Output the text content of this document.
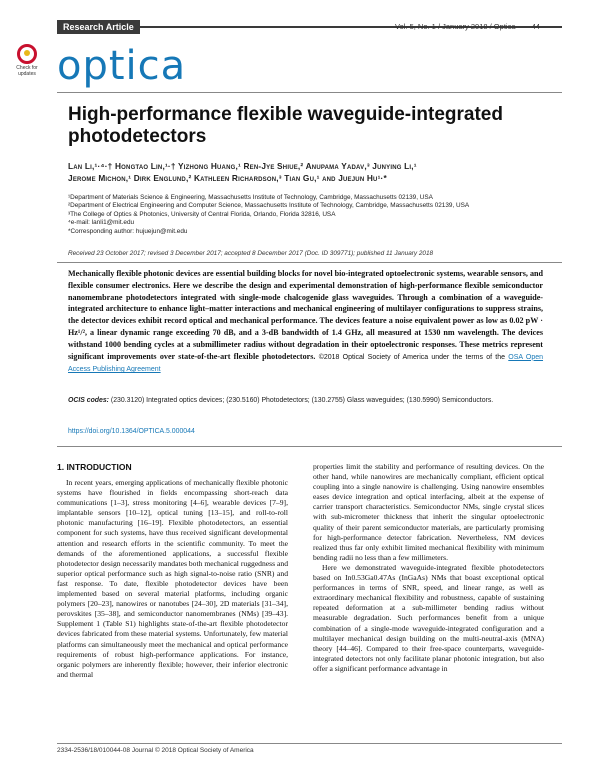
Research Article	Vol. 5, No. 1 / January 2018 / Optica 44
Check for updates optica
High-performance flexible waveguide-integrated photodetectors
Lan Li,¹·⁴·† Hongtao Lin,¹·† Yizhong Huang,¹ Ren-Jye Shiue,² Anupama Yadav,³ Junying Li,¹
Jerome Michon,¹ Dirk Englund,² Kathleen Richardson,³ Tian Gu,¹ and Juejun Hu¹·*
¹Department of Materials Science & Engineering, Massachusetts Institute of Technology, Cambridge, Massachusetts 02139, USA
²Department of Electrical Engineering and Computer Science, Massachusetts Institute of Technology, Cambridge, Massachusetts 02139, USA
³The College of Optics & Photonics, University of Central Florida, Orlando, Florida 32816, USA
⁴e-mail: lanli1@mit.edu
*Corresponding author: hujuejun@mit.edu
Received 23 October 2017; revised 3 December 2017; accepted 8 December 2017 (Doc. ID 309771); published 11 January 2018
Mechanically flexible photonic devices are essential building blocks for novel bio-integrated optoelectronic systems, wearable sensors, and flexible consumer electronics. Here we describe the design and experimental demonstration of high-performance flexible semiconductor nanomembrane photodetectors integrated with single-mode chalcogenide glass waveguides. Through a combination of a waveguide-integrated architecture to enhance light–matter interactions and mechanical engineering of multilayer configurations to suppress strains, the detector devices exhibit record optical and mechanical performance. The devices feature a noise equivalent power as low as 0.02 pW · Hz¹/², a linear dynamic range exceeding 70 dB, and a 3-dB bandwidth of 1.4 GHz, all measured at 1530 nm wavelength. The devices withstand 1000 bending cycles at a submillimeter radius without degradation in their optoelectronic responses. These metrics represent significant improvements over state-of-the-art flexible photodetectors. ©2018 Optical Society of America under the terms of the OSA Open Access Publishing Agreement
OCIS codes: (230.3120) Integrated optics devices; (230.5160) Photodetectors; (130.2755) Glass waveguides; (130.5990) Semiconductors.
https://doi.org/10.1364/OPTICA.5.000044
1. INTRODUCTION

In recent years, emerging applications of mechanically flexible photonic systems have flourished in fields encompassing short-reach data communications [1–3], stress monitoring [4–6], wearable devices [7–9], implantable sensors [10–12], optical tuning [13–15], and roll-to-roll photonic manufacturing [16–19]. Flexible photodetectors, an essential component for such systems, have thus received significant developmental attention and research efforts in the scientific community. To meet the demands of the aforementioned applications, a successful flexible photodetector design necessarily mandates both mechanical ruggedness and superior optical performance such as high signal-to-noise ratio (SNR) and fast response. To date, flexible photodetector devices have been implemented based on several material platforms, including organic polymers [20–23], nanowires or nanotubes [24–30], 2D materials [31–34], perovskites [35–38], and semiconductor nanomembranes (NMs) [39–43]. Supplement 1 (Table S1) highlights state-of-the-art flexible photodetector devices fabricated from these material systems. Unfortunately, few material platforms can simultaneously meet the mechanical and optical performance requirements of robust high-performance applications. For instance, organic polymers are inherently flexible; however, their inferior electronic and thermal

properties limit the stability and performance of resulting devices. On the other hand, while nanowires are mechanically compliant, efficient optical coupling into a single nanowire is challenging. Using nanowire ensembles eases device integration and optical interfacing, albeit at the expense of carrier transport characteristics. Semiconductor NMs, single crystal slices with sub-micrometer thickness that inherit the singular optoelectronic quality of their parent semiconductor materials, are particularly promising for high-performance detector fabrication. Nevertheless, NM devices realized thus far only exhibit limited mechanical flexibility with minimum bending radii no less than a few millimeters.

Here we demonstrated waveguide-integrated flexible photodetectors based on In0.53Ga0.47As (InGaAs) NMs that boast exceptional optical performances in terms of SNR, speed, and linear range, as well as extraordinary mechanical flexibility and robustness, capable of sustaining repeated deformation at a sub-millimeter bending radius without measurable degradation. Such performances benefit from a unique combination of a single-mode waveguide-integrated configuration and a multilayer mechanical design building on the multi-neutral-axis (MNA) theory [44–46]. Compared to their free-space counterparts, waveguide-integrated detectors not only facilitate planar photonic integration, but also offer a significant performance advantage in

2334-2536/18/010044-08 Journal © 2018 Optical Society of America
